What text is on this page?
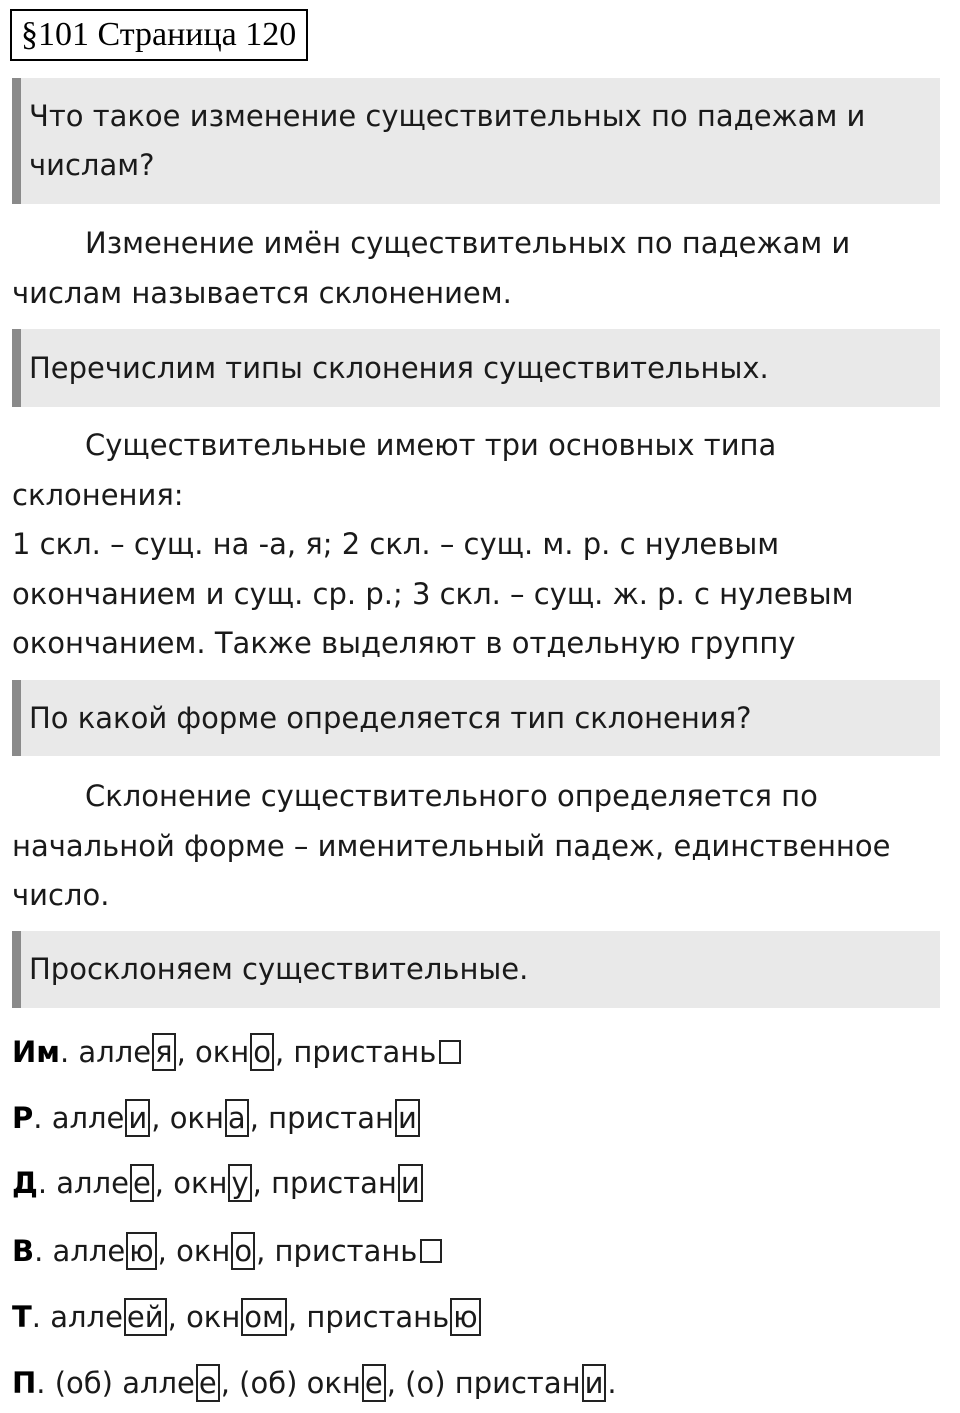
§101 Страница 120
Что такое изменение существительных по падежам и
числам?
Изменение имён существительных по падежам и
числам называется склонением.
Перечислим типы склонения существительных.
Существительные имеют три основных типа склонения:
1 скл. – сущ. на -а, я; 2 скл. – сущ. м. р. с нулевым
окончанием и сущ. ср. р.; 3 скл. – сущ. ж. р. с нулевым
окончанием. Также выделяют в отдельную группу
По какой форме определяется тип склонения?
Склонение существительного определяется по
начальной форме – именительный падеж, единственное
число.
Просклоняем существительные.
Им. алле я , окн о , пристань
Р. алле и , окн а , пристан и
Д. алле е , окн у , пристан и
В. алле ю , окн о , пристань
Т. алле ей , окн ом , пристань ю
П. (об) алле е , (об) окн е , (о) пристан и .
